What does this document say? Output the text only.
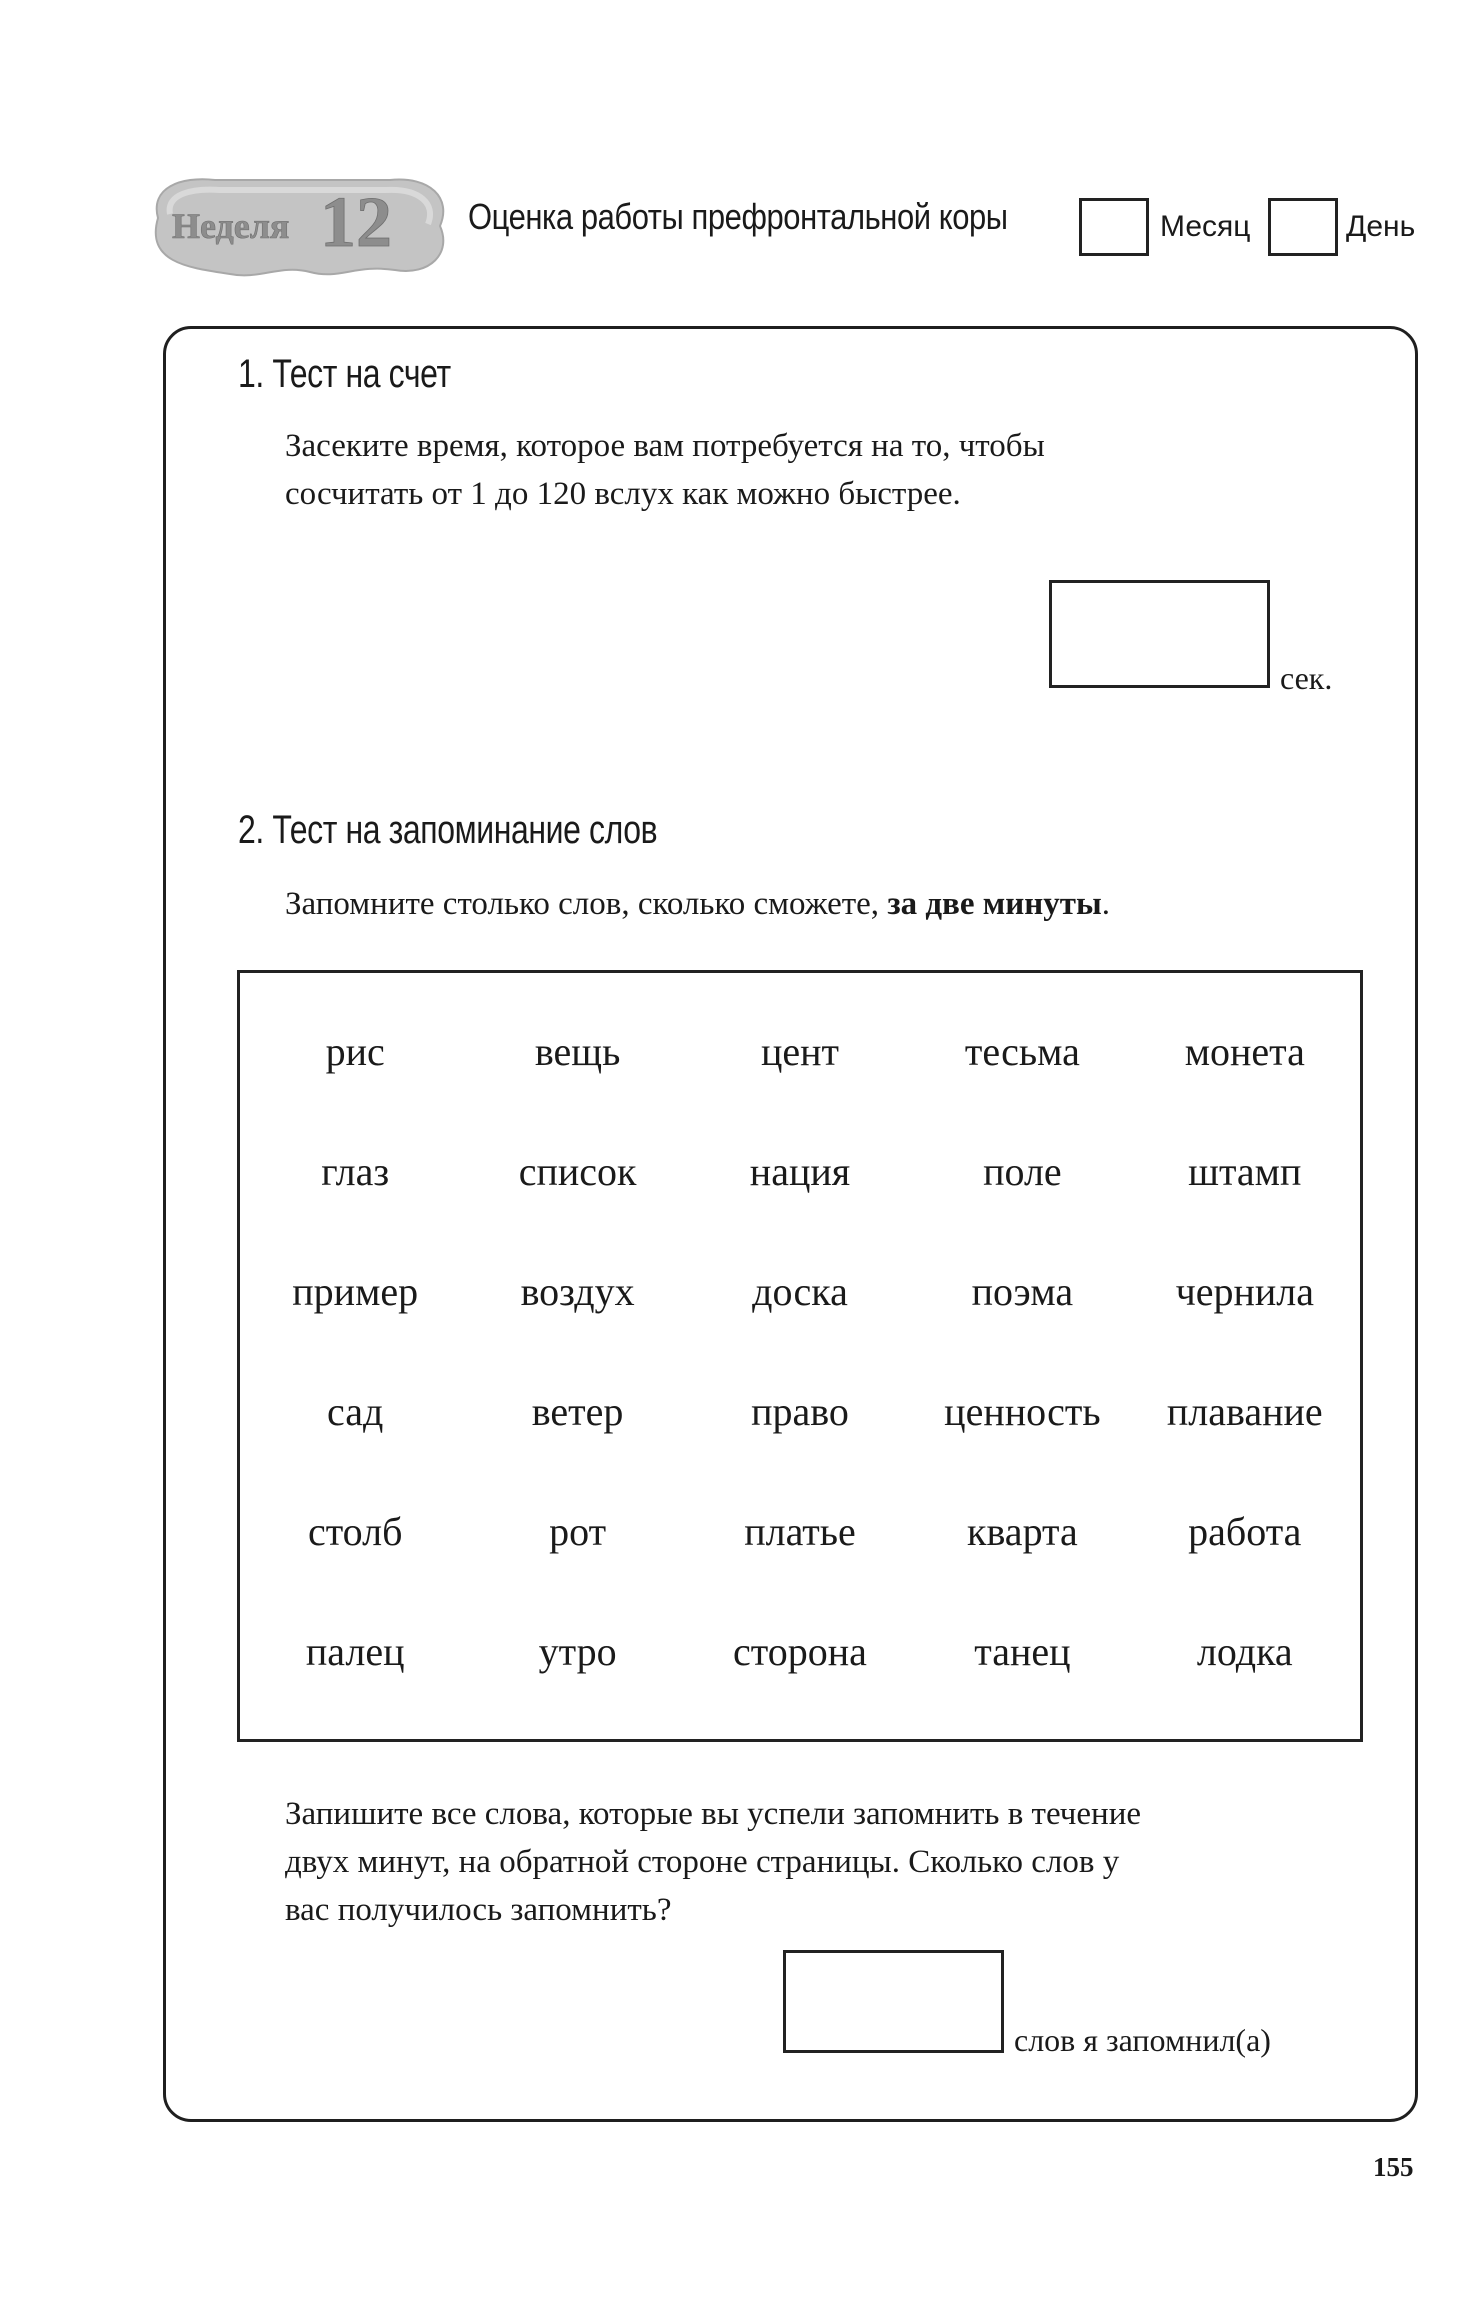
Неделя 12 Оценка работы префронтальной коры	Месяц	День
1. Тест на счет
Засеките время, которое вам потребуется на то, чтобы
сосчитать от 1 до 120 вслух как можно быстрее.
сек.
2. Тест на запоминание слов
Запомните столько слов, сколько сможете, за две минуты.
рис	вещь	цент	тесьма	монета
глаз	список	нация	поле	штамп
пример	воздух	доска	поэма	чернила
сад	ветер	право	ценность	плавание
столб	рот	платье	кварта	работа
палец	утро	сторона	танец	лодка
Запишите все слова, которые вы успели запомнить в течение
двух минут, на обратной стороне страницы. Сколько слов у
вас получилось запомнить?
слов я запомнил(а)
155
